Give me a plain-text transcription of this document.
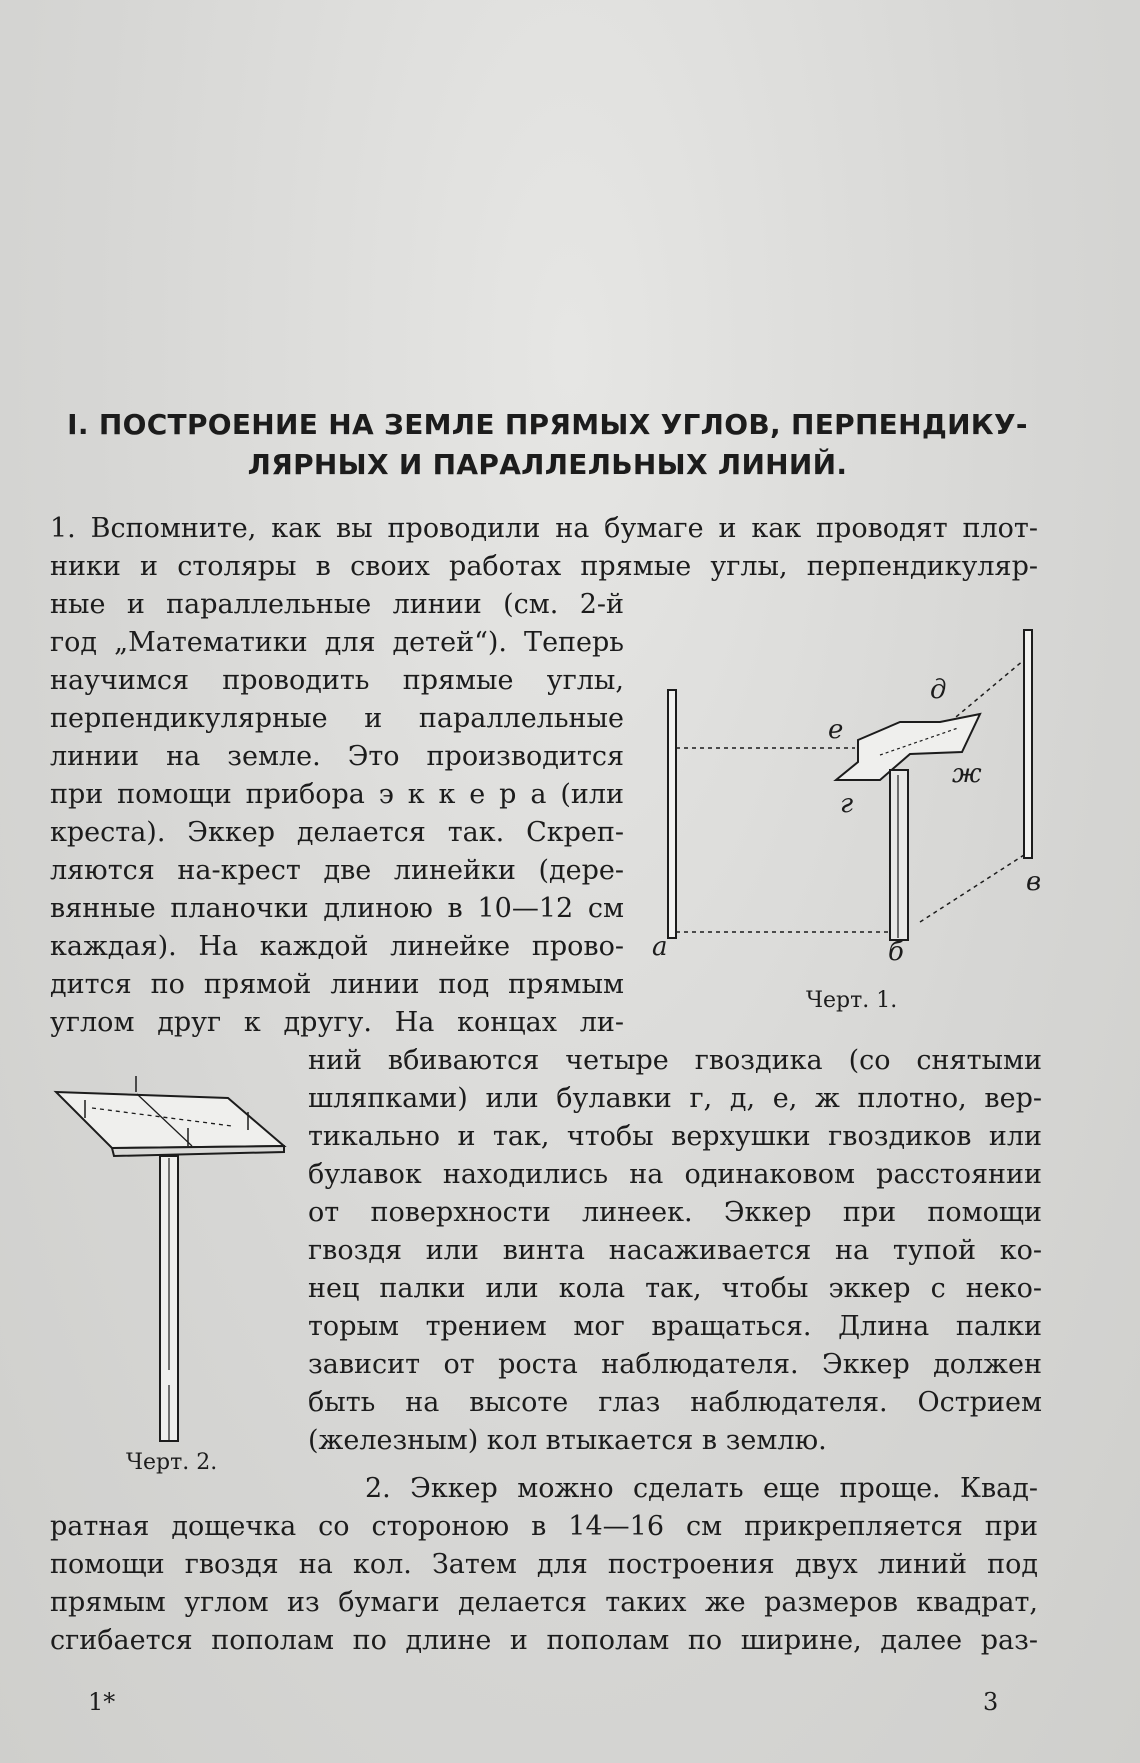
I. ПОСТРОЕНИЕ НА ЗЕМЛЕ ПРЯМЫХ УГЛОВ, ПЕРПЕНДИКУ-
ЛЯРНЫХ И ПАРАЛЛЕЛЬНЫХ ЛИНИЙ.
1. Вспомните, как вы проводили на бумаге и как проводят плот-
ники и столяры в своих работах прямые углы, перпендикуляр-
ные и параллельные линии (см. 2-й
год „Математики для детей“). Теперь
научимся проводить прямые углы,
перпендикулярные и параллельные
линии на земле. Это производится
при помощи прибора э к к е р а (или
креста). Эккер делается так. Скреп-
ляются на-крест две линейки (дере-
вянные планочки длиною в 10—12 см
каждая). На каждой линейке прово-
дится по прямой линии под прямым
углом друг к другу. На концах ли-
ний вбиваются четыре гвоздика (со снятыми
шляпками) или булавки г, д, е, ж плотно, вер-
тикально и так, чтобы верхушки гвоздиков или
булавок находились на одинаковом расстоянии
от поверхности линеек. Эккер при помощи
гвоздя или винта насаживается на тупой ко-
нец палки или кола так, чтобы эккер с неко-
торым трением мог вращаться. Длина палки
зависит от роста наблюдателя. Эккер должен
быть на высоте глаз наблюдателя. Острием
(железным) кол втыкается в землю.
2. Эккер можно сделать еще проще. Квад-
ратная дощечка со стороною в 14—16 см прикрепляется при
помощи гвоздя на кол. Затем для построения двух линий под
прямым углом из бумаги делается таких же размеров квадрат,
сгибается пополам по длине и пополам по ширине, далее раз-
а	б
в
г
д
е
ж
Черт. 1.
Черт. 2.
1*	3
